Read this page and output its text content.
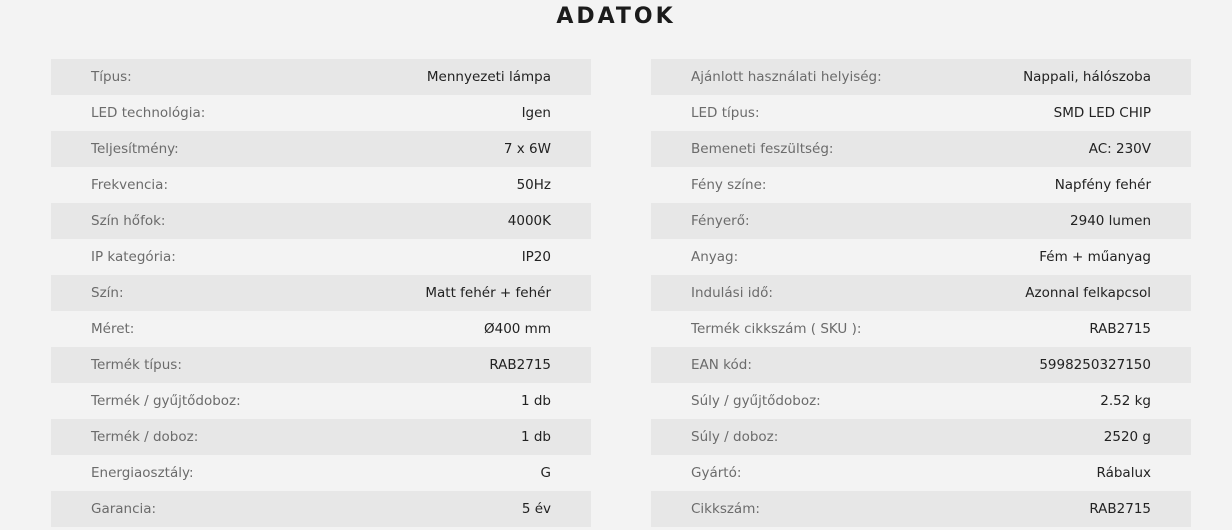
ADATOK
Típus:	Mennyezeti lámpa
LED technológia:	Igen
Teljesítmény:	7 x 6W
Frekvencia:	50Hz
Szín hőfok:	4000K
IP kategória:	IP20
Szín:	Matt fehér + fehér
Méret:	Ø400 mm
Termék típus:	RAB2715
Termék / gyűjtődoboz:	1 db
Termék / doboz:	1 db
Energiaosztály:	G
Garancia:	5 év
Ajánlott használati helyiség:	Nappali, hálószoba
LED típus:	SMD LED CHIP
Bemeneti feszültség:	AC: 230V
Fény színe:	Napfény fehér
Fényerő:	2940 lumen
Anyag:	Fém + műanyag
Indulási idő:	Azonnal felkapcsol
Termék cikkszám ( SKU ):	RAB2715
EAN kód:	5998250327150
Súly / gyűjtődoboz:	2.52 kg
Súly / doboz:	2520 g
Gyártó:	Rábalux
Cikkszám:	RAB2715
